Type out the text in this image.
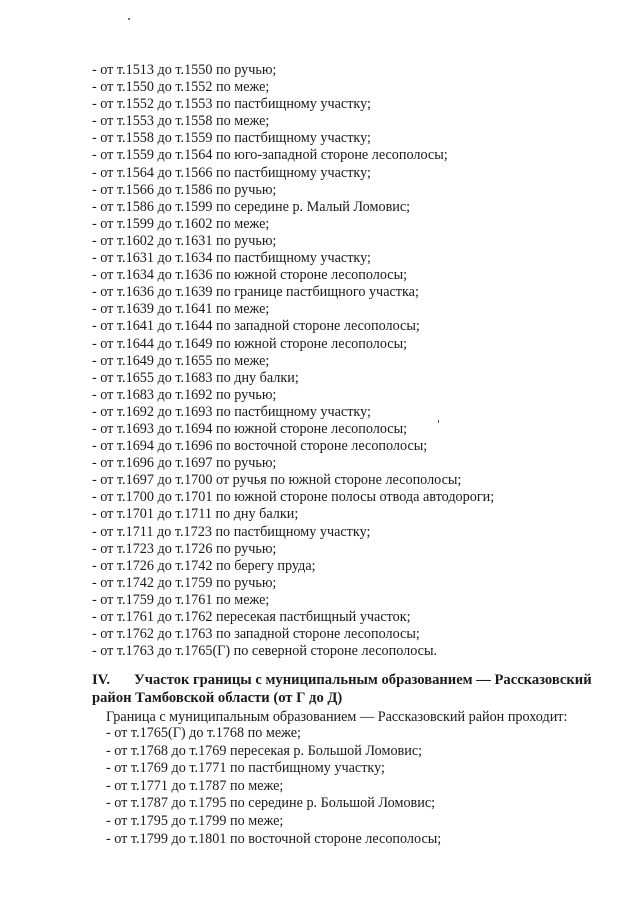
- от т.1513 до т.1550 по ручью;
- от т.1550 до т.1552 по меже;
- от т.1552 до т.1553 по пастбищному участку;
- от т.1553 до т.1558 по меже;
- от т.1558 до т.1559 по пастбищному участку;
- от т.1559 до т.1564 по юго-западной стороне лесополосы;
- от т.1564 до т.1566 по пастбищному участку;
- от т.1566 до т.1586 по ручью;
- от т.1586 до т.1599 по середине р. Малый Ломовис;
- от т.1599 до т.1602 по меже;
- от т.1602 до т.1631 по ручью;
- от т.1631 до т.1634 по пастбищному участку;
- от т.1634 до т.1636 по южной стороне лесополосы;
- от т.1636 до т.1639 по границе пастбищного участка;
- от т.1639 до т.1641 по меже;
- от т.1641 до т.1644 по западной стороне лесополосы;
- от т.1644 до т.1649 по южной стороне лесополосы;
- от т.1649 до т.1655 по меже;
- от т.1655 до т.1683 по дну балки;
- от т.1683 до т.1692 по ручью;
- от т.1692 до т.1693 по пастбищному участку;
- от т.1693 до т.1694 по южной стороне лесополосы;
- от т.1694 до т.1696 по восточной стороне лесополосы;
- от т.1696 до т.1697 по ручью;
- от т.1697 до т.1700 от ручья по южной стороне лесополосы;
- от т.1700 до т.1701 по южной стороне полосы отвода автодороги;
- от т.1701 до т.1711 по дну балки;
- от т.1711 до т.1723 по пастбищному участку;
- от т.1723 до т.1726 по ручью;
- от т.1726 до т.1742 по берегу пруда;
- от т.1742 до т.1759 по ручью;
- от т.1759 до т.1761 по меже;
- от т.1761 до т.1762 пересекая пастбищный участок;
- от т.1762 до т.1763 по западной стороне лесополосы;
- от т.1763 до т.1765(Г) по северной стороне лесополосы.
IV. Участок границы с муниципальным образованием — Рассказовский район Тамбовской области (от Г до Д)
Граница с муниципальным образованием — Рассказовский район проходит:
- от т.1765(Г) до т.1768 по меже;
- от т.1768 до т.1769 пересекая р. Большой Ломовис;
- от т.1769 до т.1771 по пастбищному участку;
- от т.1771 до т.1787 по меже;
- от т.1787 до т.1795 по середине р. Большой Ломовис;
- от т.1795 до т.1799 по меже;
- от т.1799 до т.1801 по восточной стороне лесополосы;
